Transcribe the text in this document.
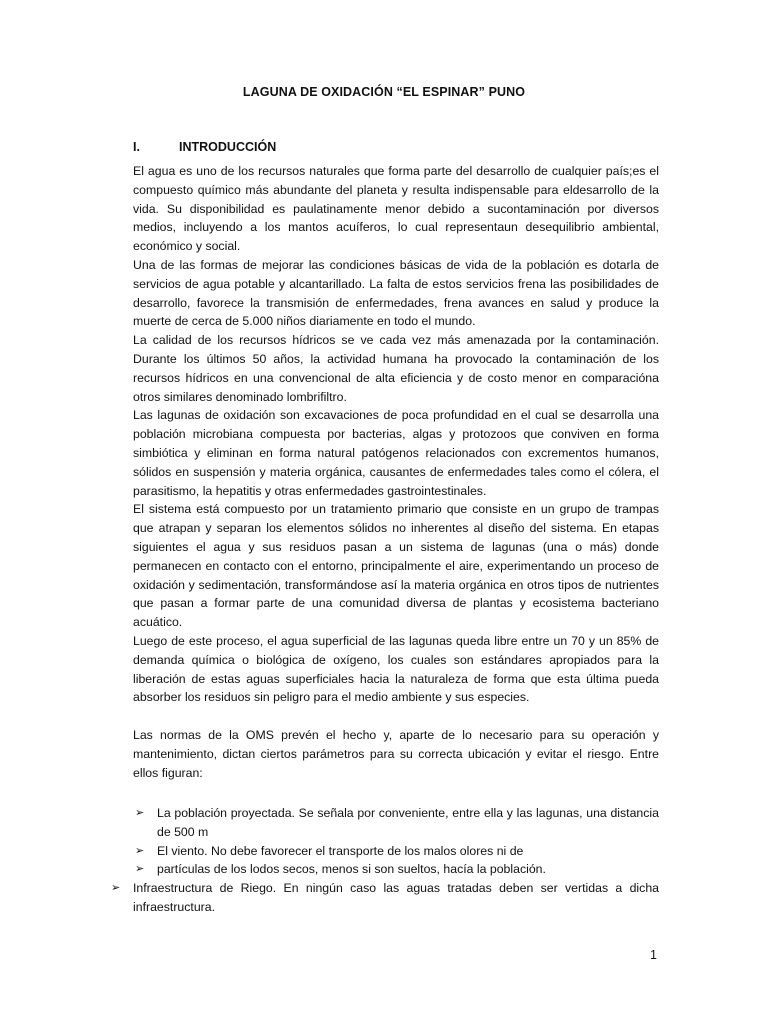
LAGUNA DE OXIDACIÓN “EL ESPINAR” PUNO
I.	INTRODUCCIÓN

El agua es uno de los recursos naturales que forma parte del desarrollo de cualquier país;es el compuesto químico más abundante del planeta y resulta indispensable para eldesarrollo de la vida. Su disponibilidad es paulatinamente menor debido a sucontaminación por diversos medios, incluyendo a los mantos acuíferos, lo cual representaun desequilibrio ambiental, económico y social.

Una de las formas de mejorar las condiciones básicas de vida de la población es dotarla de servicios de agua potable y alcantarillado. La falta de estos servicios frena las posibilidades de desarrollo, favorece la transmisión de enfermedades, frena avances en salud y produce la muerte de cerca de 5.000 niños diariamente en todo el mundo.

La calidad de los recursos hídricos se ve cada vez más amenazada por la contaminación. Durante los últimos 50 años, la actividad humana ha provocado la contaminación de los recursos hídricos en una convencional de alta eficiencia y de costo menor en comparacióna otros similares denominado lombrifiltro.

Las lagunas de oxidación son excavaciones de poca profundidad en el cual se desarrolla una población microbiana compuesta por bacterias, algas y protozoos que conviven en forma simbiótica y eliminan en forma natural patógenos relacionados con excrementos humanos, sólidos en suspensión y materia orgánica, causantes de enfermedades tales como el cólera, el parasitismo, la hepatitis y otras enfermedades gastrointestinales.

El sistema está compuesto por un tratamiento primario que consiste en un grupo de trampas que atrapan y separan los elementos sólidos no inherentes al diseño del sistema. En etapas siguientes el agua y sus residuos pasan a un sistema de lagunas (una o más) donde permanecen en contacto con el entorno, principalmente el aire, experimentando un proceso de oxidación y sedimentación, transformándose así la materia orgánica en otros tipos de nutrientes que pasan a formar parte de una comunidad diversa de plantas y ecosistema bacteriano acuático.

Luego de este proceso, el agua superficial de las lagunas queda libre entre un 70 y un 85% de demanda química o biológica de oxígeno, los cuales son estándares apropiados para la liberación de estas aguas superficiales hacia la naturaleza de forma que esta última pueda absorber los residuos sin peligro para el medio ambiente y sus especies.

Las normas de la OMS prevén el hecho y, aparte de lo necesario para su operación y mantenimiento, dictan ciertos parámetros para su correcta ubicación y evitar el riesgo. Entre ellos figuran:

➢ La población proyectada. Se señala por conveniente, entre ella y las lagunas, una distancia de 500 m
➢ El viento. No debe favorecer el transporte de los malos olores ni de
➢ partículas de los lodos secos, menos si son sueltos, hacía la población.
➢ Infraestructura de Riego. En ningún caso las aguas tratadas deben ser vertidas a dicha infraestructura.
1
